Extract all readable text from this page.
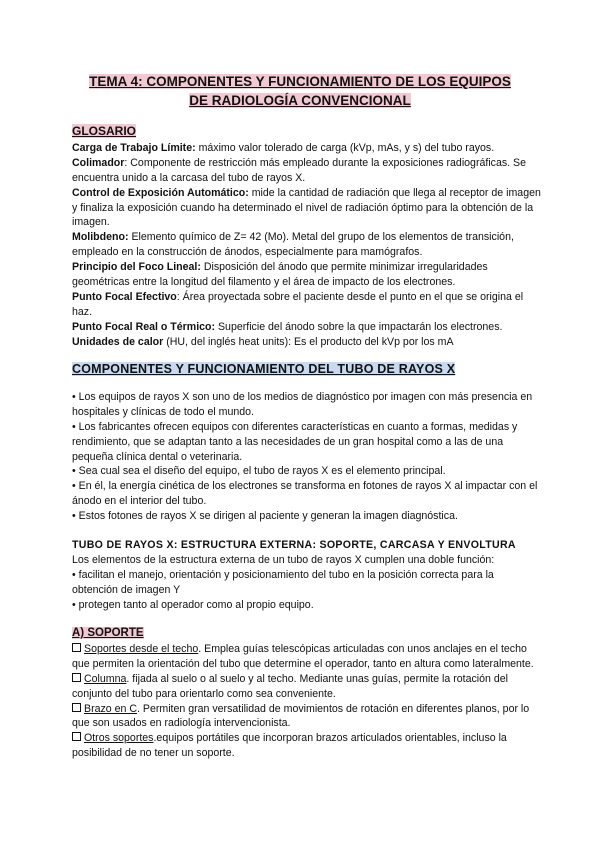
TEMA 4: COMPONENTES Y FUNCIONAMIENTO DE LOS EQUIPOS
DE RADIOLOGÍA CONVENCIONAL

GLOSARIO

Carga de Trabajo Límite: máximo valor tolerado de carga (kVp, mAs, y s) del tubo rayos.

Colimador: Componente de restricción más empleado durante la exposiciones radiográficas. Se encuentra unido a la carcasa del tubo de rayos X.

Control de Exposición Automático: mide la cantidad de radiación que llega al receptor de imagen y finaliza la exposición cuando ha determinado el nivel de radiación óptimo para la obtención de la imagen.

Molibdeno: Elemento químico de Z= 42 (Mo). Metal del grupo de los elementos de transición, empleado en la construcción de ánodos, especialmente para mamógrafos.

Principio del Foco Lineal: Disposición del ánodo que permite minimizar irregularidades geométricas entre la longitud del filamento y el área de impacto de los electrones.

Punto Focal Efectivo: Área proyectada sobre el paciente desde el punto en el que se origina el haz.

Punto Focal Real o Térmico: Superficie del ánodo sobre la que impactarán los electrones.

Unidades de calor (HU, del inglés heat units): Es el producto del kVp por los mA

COMPONENTES Y FUNCIONAMIENTO DEL TUBO DE RAYOS X

• Los equipos de rayos X son uno de los medios de diagnóstico por imagen con más presencia en hospitales y clínicas de todo el mundo.

• Los fabricantes ofrecen equipos con diferentes características en cuanto a formas, medidas y rendimiento, que se adaptan tanto a las necesidades de un gran hospital como a las de una pequeña clínica dental o veterinaria.

• Sea cual sea el diseño del equipo, el tubo de rayos X es el elemento principal.

• En él, la energía cinética de los electrones se transforma en fotones de rayos X al impactar con el ánodo en el interior del tubo.

• Estos fotones de rayos X se dirigen al paciente y generan la imagen diagnóstica.

TUBO DE RAYOS X: ESTRUCTURA EXTERNA: SOPORTE, CARCASA Y ENVOLTURA

Los elementos de la estructura externa de un tubo de rayos X cumplen una doble función:

• facilitan el manejo, orientación y posicionamiento del tubo en la posición correcta para la obtención de imagen Y

• protegen tanto al operador como al propio equipo.

A) SOPORTE

Soportes desde el techo. Emplea guías telescópicas articuladas con unos anclajes en el techo que permiten la orientación del tubo que determine el operador, tanto en altura como lateralmente.

Columna. fijada al suelo o al suelo y al techo. Mediante unas guías, permite la rotación del conjunto del tubo para orientarlo como sea conveniente.

Brazo en C. Permiten gran versatilidad de movimientos de rotación en diferentes planos, por lo que son usados en radiología intervencionista.

Otros soportes.equipos portátiles que incorporan brazos articulados orientables, incluso la posibilidad de no tener un soporte.
